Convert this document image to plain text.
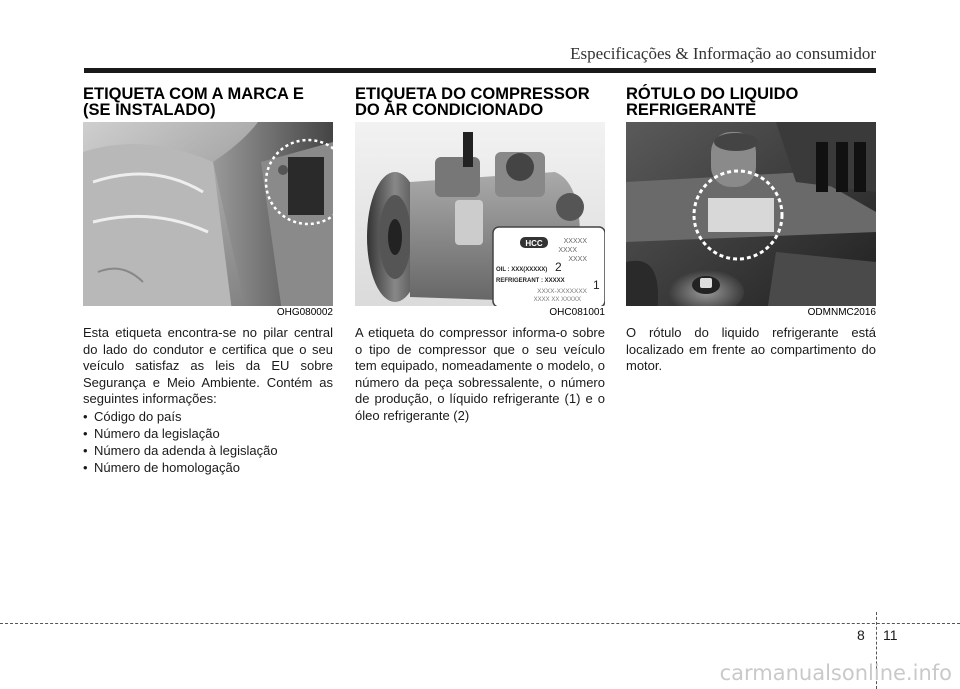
Especificações & Informação ao consumidor
ETIQUETA COM A MARCA E (SE INSTALADO)
OHG080002
Esta etiqueta encontra-se no pilar central do lado do condutor e certifica que o seu veículo satisfaz as leis da EU sobre Segurança e Meio Ambiente. Contém as seguintes informações:
• Código do país
• Número da legislação
• Número da adenda à legislação
• Número de homologação
ETIQUETA DO COMPRESSOR DO AR CONDICIONADO
HCC	XXXXX
XXXX
XXXX
OIL : XXX(XXXXX) 2
REFRIGERANT : XXXXX
XXXX-XXXXXXX
XXXX XX XXXXX
1
OHC081001
A etiqueta do compressor informa-o sobre o tipo de compressor que o seu veículo tem equipado, nomeadamente o modelo, o número da peça sobressalente, o número de produção, o líquido refrigerante (1) e o óleo refrigerante (2)
RÓTULO DO LIQUIDO REFRIGERANTE
ODMNMC2016
O rótulo do liquido refrigerante está localizado em frente ao compartimento do motor.
8 11
carmanualsonline.info
